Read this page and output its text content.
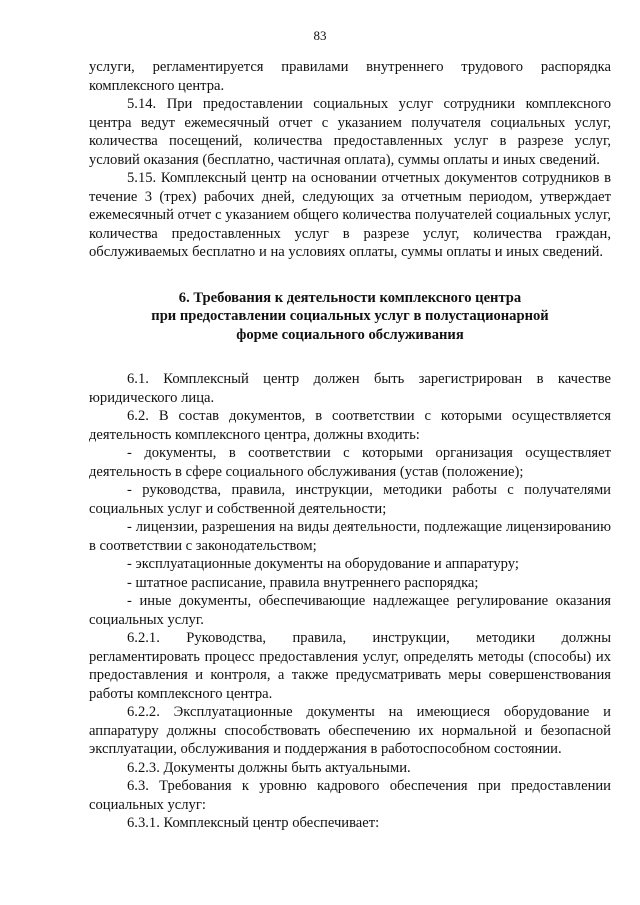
83

услуги, регламентируется правилами внутреннего трудового распорядка комплексного центра.

5.14. При предоставлении социальных услуг сотрудники комплексного центра ведут ежемесячный отчет с указанием получателя социальных услуг, количества посещений, количества предоставленных услуг в разрезе услуг, условий оказания (бесплатно, частичная оплата), суммы оплаты и иных сведений.

5.15. Комплексный центр на основании отчетных документов сотрудников в течение 3 (трех) рабочих дней, следующих за отчетным периодом, утверждает ежемесячный отчет с указанием общего количества получателей социальных услуг, количества предоставленных услуг в разрезе услуг, количества граждан, обслуживаемых бесплатно и на условиях оплаты, суммы оплаты и иных сведений.

6. Требования к деятельности комплексного центра
при предоставлении социальных услуг в полустационарной
форме социального обслуживания

6.1. Комплексный центр должен быть зарегистрирован в качестве юридического лица.

6.2. В состав документов, в соответствии с которыми осуществляется деятельность комплексного центра, должны входить:

- документы, в соответствии с которыми организация осуществляет деятельность в сфере социального обслуживания (устав (положение);

- руководства, правила, инструкции, методики работы с получателями социальных услуг и собственной деятельности;

- лицензии, разрешения на виды деятельности, подлежащие лицензированию в соответствии с законодательством;

- эксплуатационные документы на оборудование и аппаратуру;

- штатное расписание, правила внутреннего распорядка;

- иные документы, обеспечивающие надлежащее регулирование оказания социальных услуг.

6.2.1. Руководства, правила, инструкции, методики должны регламентировать процесс предоставления услуг, определять методы (способы) их предоставления и контроля, а также предусматривать меры совершенствования работы комплексного центра.

6.2.2. Эксплуатационные документы на имеющиеся оборудование и аппаратуру должны способствовать обеспечению их нормальной и безопасной эксплуатации, обслуживания и поддержания в работоспособном состоянии.

6.2.3. Документы должны быть актуальными.

6.3. Требования к уровню кадрового обеспечения при предоставлении социальных услуг:

6.3.1. Комплексный центр обеспечивает:
